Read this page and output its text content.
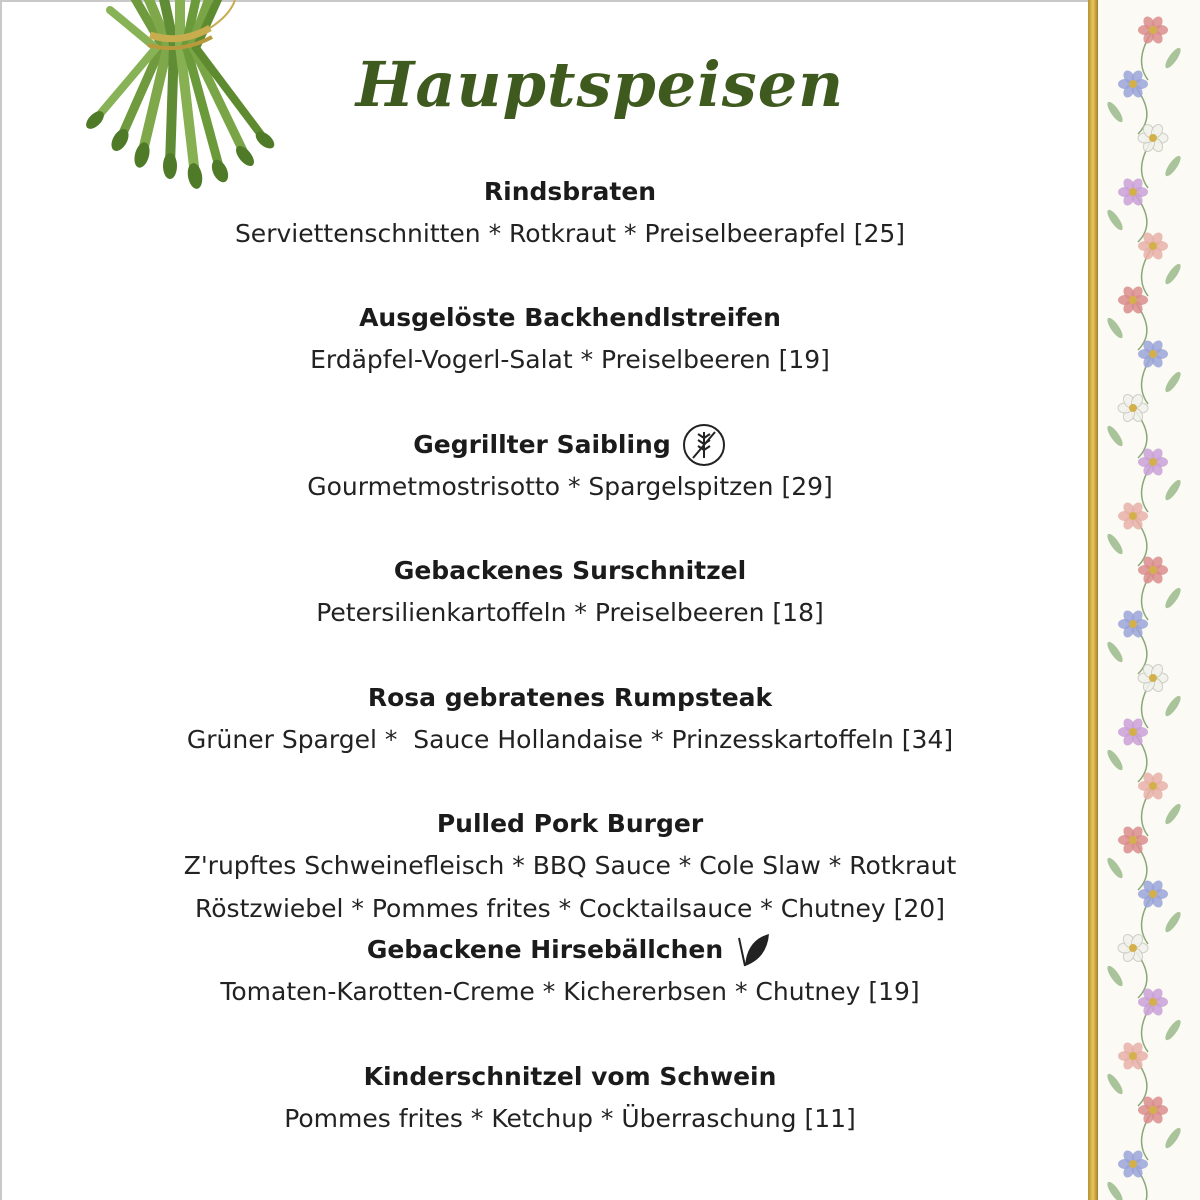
Hauptspeisen
Rindsbraten
Serviettenschnitten * Rotkraut * Preiselbeerapfel [25]
Ausgelöste Backhendlstreifen
Erdäpfel-Vogerl-Salat * Preiselbeeren [19]
Gegrillter Saibling
Gourmetmostrisotto * Spargelspitzen [29]
Gebackenes Surschnitzel
Petersilienkartoffeln * Preiselbeeren [18]
Rosa gebratenes Rumpsteak
Grüner Spargel *  Sauce Hollandaise * Prinzesskartoffeln [34]
Pulled Pork Burger
Z'rupftes Schweinefleisch * BBQ Sauce * Cole Slaw * Rotkraut
Röstzwiebel * Pommes frites * Cocktailsauce * Chutney [20]
Gebackene Hirsebällchen
Tomaten-Karotten-Creme * Kichererbsen * Chutney [19]
Kinderschnitzel vom Schwein
Pommes frites * Ketchup * Überraschung [11]
